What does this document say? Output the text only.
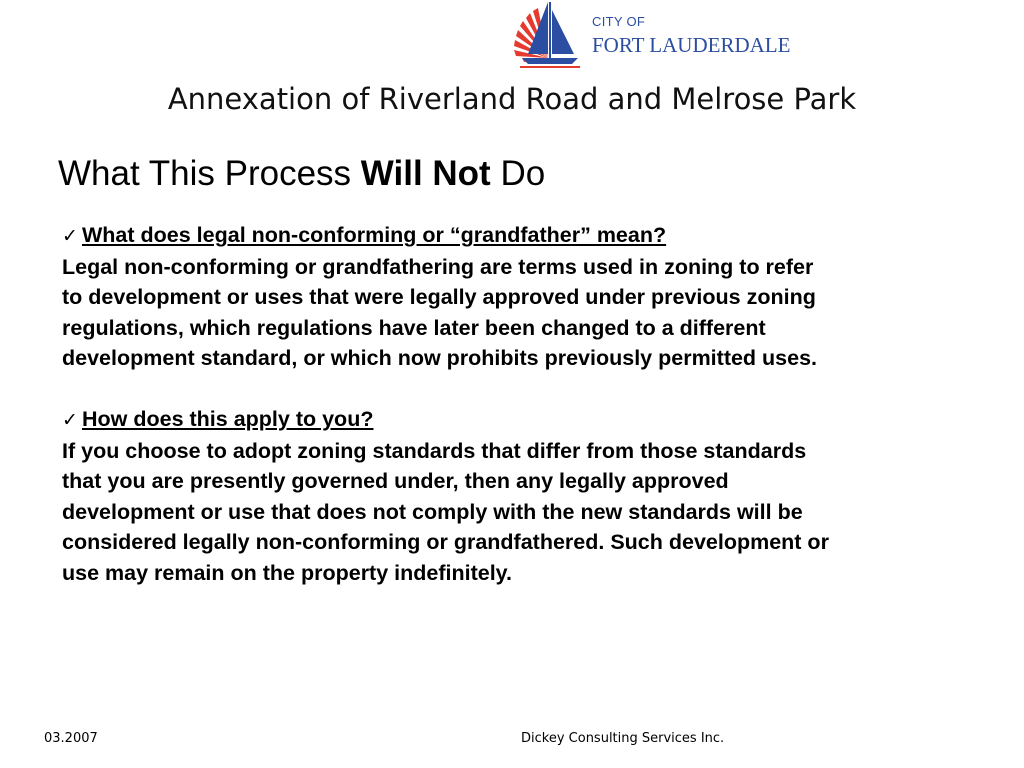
CITY OF
FORT LAUDERDALE
Annexation of Riverland Road and Melrose Park
What This Process Will Not Do
✓ What does legal non-conforming or “grandfather” mean?
Legal non-conforming or grandfathering are terms used in zoning to refer
to development or uses that were legally approved under previous zoning
regulations, which regulations have later been changed to a different
development standard, or which now prohibits previously permitted uses.
✓ How does this apply to you?
If you choose to adopt zoning standards that differ from those standards
that you are presently governed under, then any legally approved
development or use that does not comply with the new standards will be
considered legally non-conforming or grandfathered. Such development or
use may remain on the property indefinitely.
03.2007	Dickey Consulting Services Inc.
